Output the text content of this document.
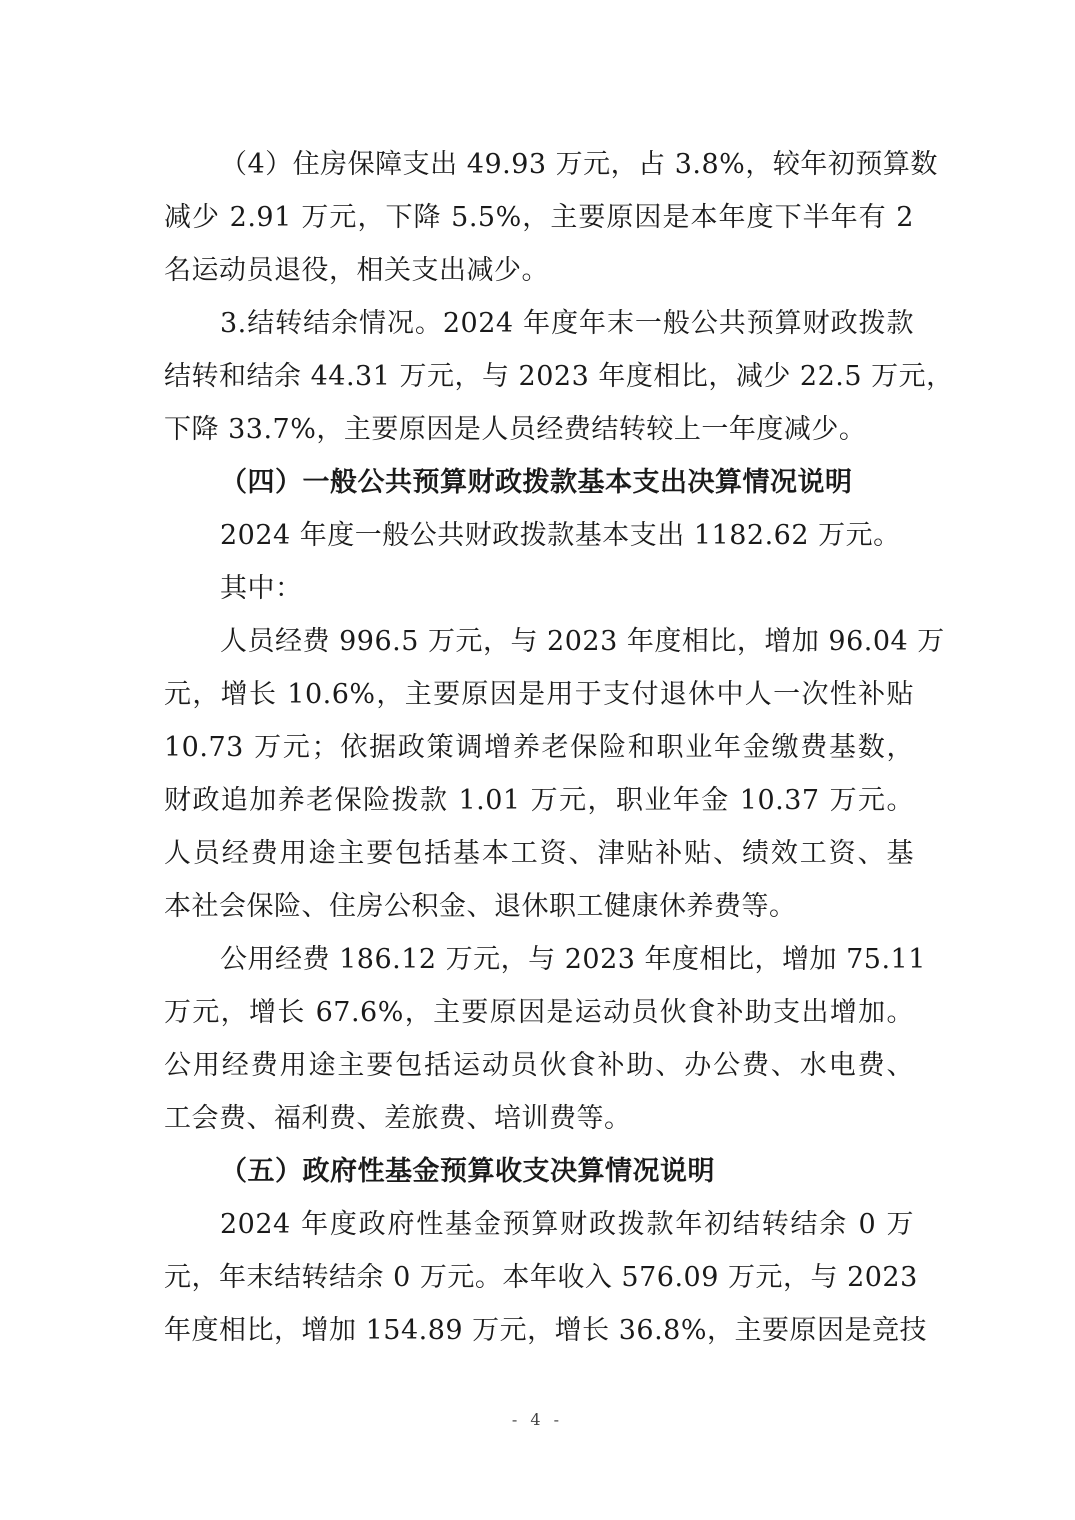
（4）住房保障支出 49.93 万元，占 3.8%，较年初预算数
减少 2.91 万元，下降 5.5%，主要原因是本年度下半年有 2
名运动员退役，相关支出减少。
3.结转结余情况。2024 年度年末一般公共预算财政拨款
结转和结余 44.31 万元，与 2023 年度相比，减少 22.5 万元，
下降 33.7%，主要原因是人员经费结转较上一年度减少。
（四）一般公共预算财政拨款基本支出决算情况说明
2024 年度一般公共财政拨款基本支出 1182.62 万元。
其中：
人员经费 996.5 万元，与 2023 年度相比，增加 96.04 万
元，增长 10.6%，主要原因是用于支付退休中人一次性补贴
10.73 万元；依据政策调增养老保险和职业年金缴费基数，
财政追加养老保险拨款 1.01 万元，职业年金 10.37 万元。
人员经费用途主要包括基本工资、津贴补贴、绩效工资、基
本社会保险、住房公积金、退休职工健康休养费等。
公用经费 186.12 万元，与 2023 年度相比，增加 75.11
万元，增长 67.6%，主要原因是运动员伙食补助支出增加。
公用经费用途主要包括运动员伙食补助、办公费、水电费、
工会费、福利费、差旅费、培训费等。
（五）政府性基金预算收支决算情况说明
2024 年度政府性基金预算财政拨款年初结转结余 0 万
元，年末结转结余 0 万元。本年收入 576.09 万元，与 2023
年度相比，增加 154.89 万元，增长 36.8%，主要原因是竞技
- 4 -
